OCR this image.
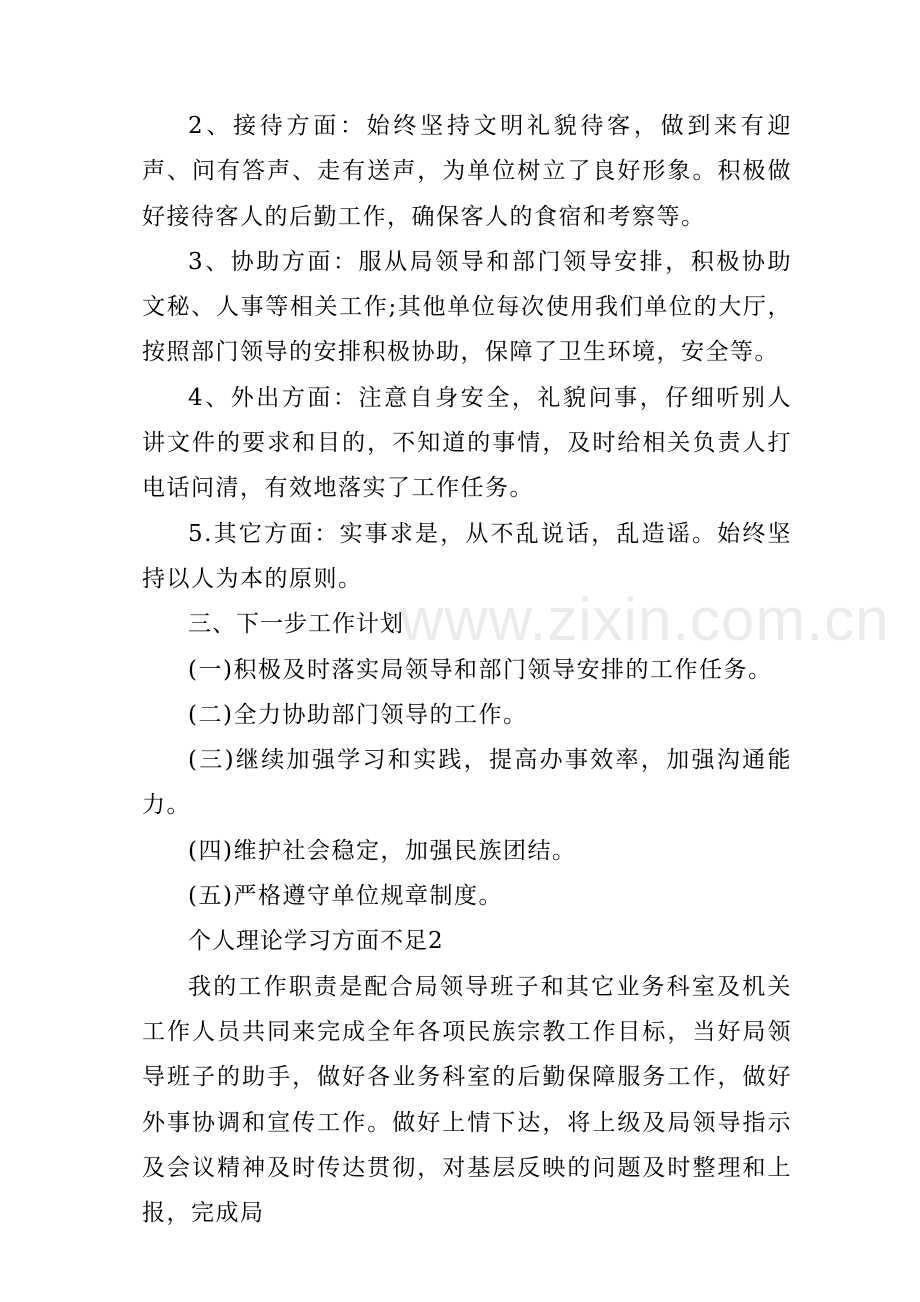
2、接待方面：始终坚持文明礼貌待客，做到来有迎声、问有答声、走有送声，为单位树立了良好形象。积极做好接待客人的后勤工作，确保客人的食宿和考察等。

3、协助方面：服从局领导和部门领导安排，积极协助文秘、人事等相关工作;其他单位每次使用我们单位的大厅，按照部门领导的安排积极协助，保障了卫生环境，安全等。

4、外出方面：注意自身安全，礼貌问事，仔细听别人讲文件的要求和目的，不知道的事情，及时给相关负责人打电话问清，有效地落实了工作任务。

5.其它方面：实事求是，从不乱说话，乱造谣。始终坚持以人为本的原则。

三、下一步工作计划

(一)积极及时落实局领导和部门领导安排的工作任务。

(二)全力协助部门领导的工作。

(三)继续加强学习和实践，提高办事效率，加强沟通能力。

(四)维护社会稳定，加强民族团结。

(五)严格遵守单位规章制度。

个人理论学习方面不足2

我的工作职责是配合局领导班子和其它业务科室及机关工作人员共同来完成全年各项民族宗教工作目标，当好局领导班子的助手，做好各业务科室的后勤保障服务工作，做好外事协调和宣传工作。做好上情下达，将上级及局领导指示及会议精神及时传达贯彻，对基层反映的问题及时整理和上报，完成局

www.zixin.com.cn
